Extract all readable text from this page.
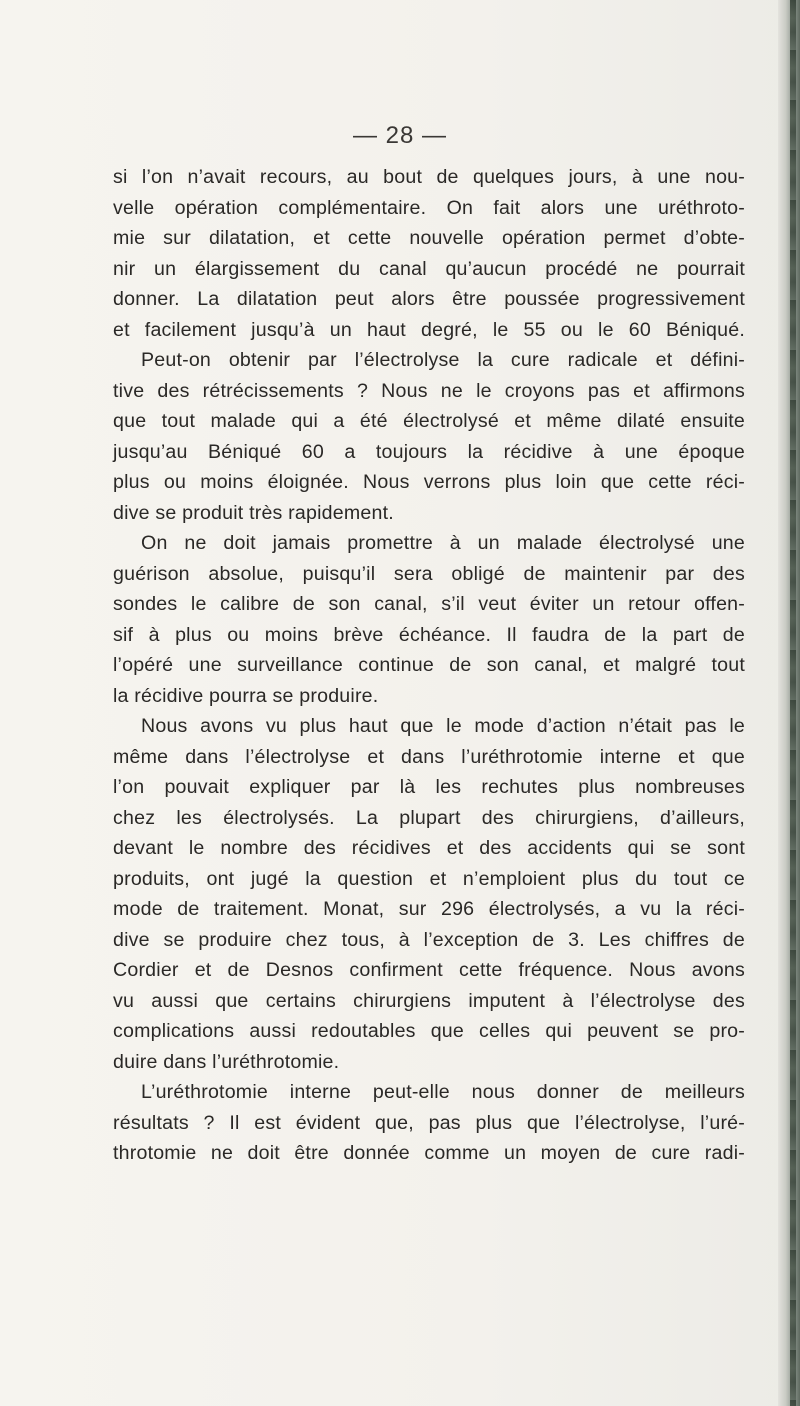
— 28 —
si l’on n’avait recours, au bout de quelques jours, à une nou-
velle opération complémentaire. On fait alors une uréthroto-
mie sur dilatation, et cette nouvelle opération permet d’obte-
nir un élargissement du canal qu’aucun procédé ne pourrait
donner. La dilatation peut alors être poussée progressivement
et facilement jusqu’à un haut degré, le 55 ou le 60 Béniqué.
Peut-on obtenir par l’électrolyse la cure radicale et défini-
tive des rétrécissements ? Nous ne le croyons pas et affirmons
que tout malade qui a été électrolysé et même dilaté ensuite
jusqu’au Béniqué 60 a toujours la récidive à une époque
plus ou moins éloignée. Nous verrons plus loin que cette réci-
dive se produit très rapidement.
On ne doit jamais promettre à un malade électrolysé une
guérison absolue, puisqu’il sera obligé de maintenir par des
sondes le calibre de son canal, s’il veut éviter un retour offen-
sif à plus ou moins brève échéance. Il faudra de la part de
l’opéré une surveillance continue de son canal, et malgré tout
la récidive pourra se produire.
Nous avons vu plus haut que le mode d’action n’était pas le
même dans l’électrolyse et dans l’uréthrotomie interne et que
l’on pouvait expliquer par là les rechutes plus nombreuses
chez les électrolysés. La plupart des chirurgiens, d’ailleurs,
devant le nombre des récidives et des accidents qui se sont
produits, ont jugé la question et n’emploient plus du tout ce
mode de traitement. Monat, sur 296 électrolysés, a vu la réci-
dive se produire chez tous, à l’exception de 3. Les chiffres de
Cordier et de Desnos confirment cette fréquence. Nous avons
vu aussi que certains chirurgiens imputent à l’électrolyse des
complications aussi redoutables que celles qui peuvent se pro-
duire dans l’uréthrotomie.
L’uréthrotomie interne peut-elle nous donner de meilleurs
résultats ? Il est évident que, pas plus que l’électrolyse, l’uré-
throtomie ne doit être donnée comme un moyen de cure radi-
